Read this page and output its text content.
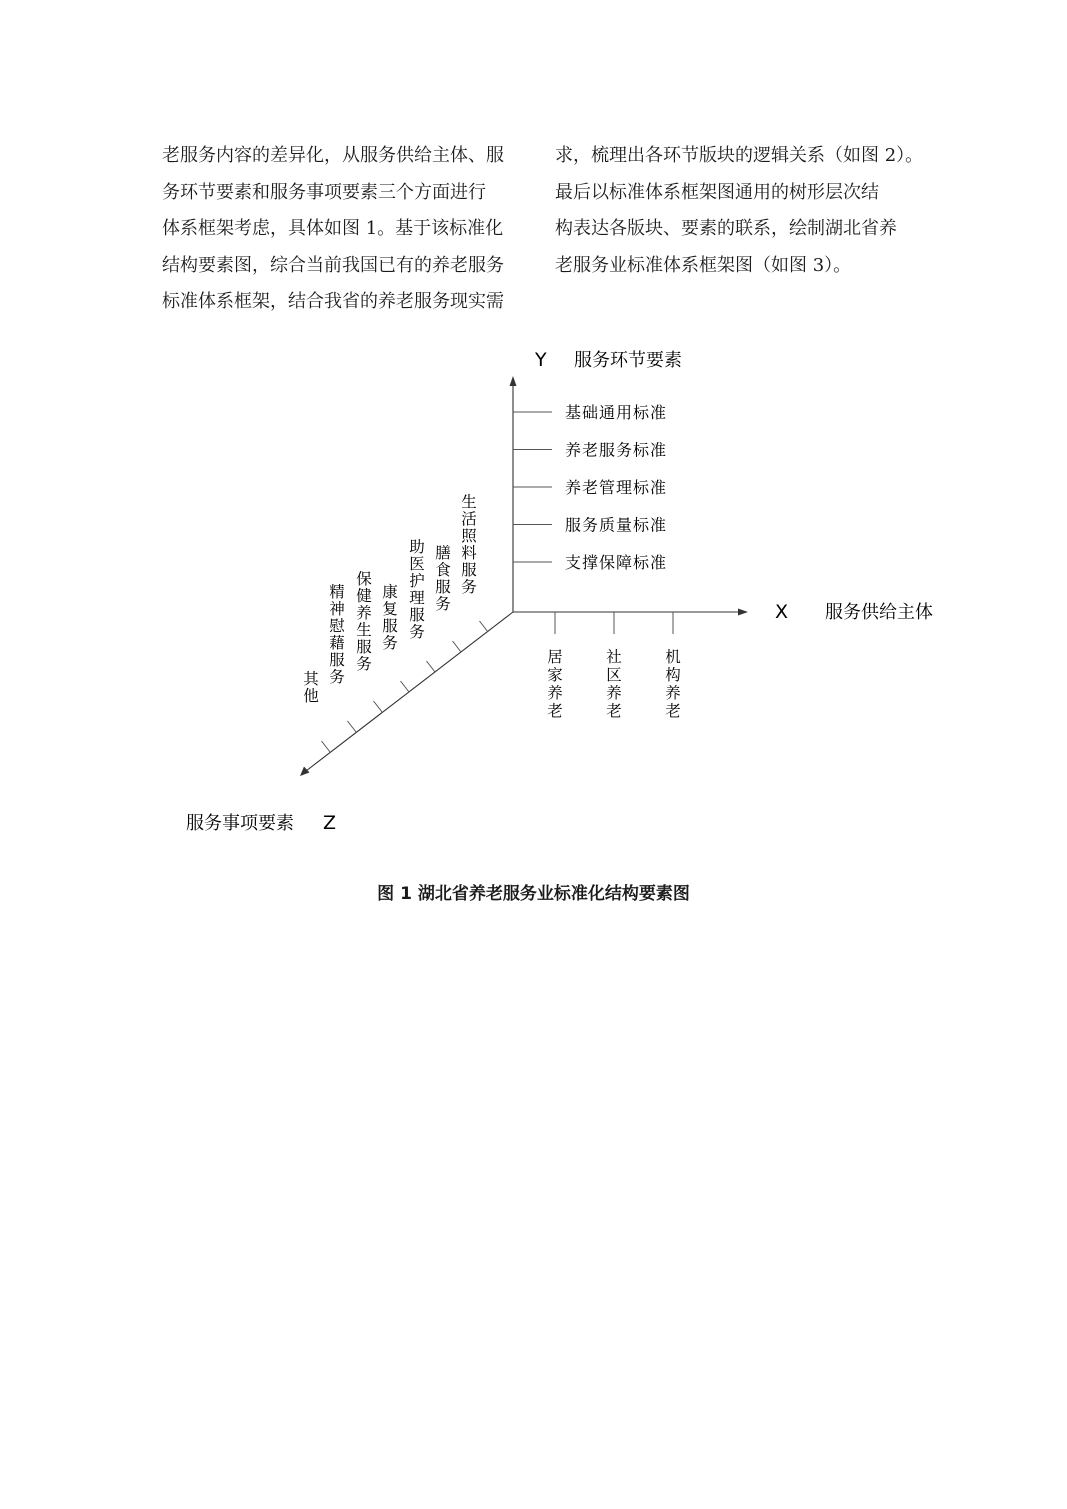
老服务内容的差异化，从服务供给主体、服
务环节要素和服务事项要素三个方面进行
体系框架考虑，具体如图 1。基于该标准化
结构要素图，综合当前我国已有的养老服务
标准体系框架，结合我省的养老服务现实需
求，梳理出各环节版块的逻辑关系（如图 2）。
最后以标准体系框架图通用的树形层次结
构表达各版块、要素的联系，绘制湖北省养
老服务业标准体系框架图（如图 3）。
Y 服务环节要素
X 服务供给主体
服务事项要素 Z
基础通用标准
养老服务标准
养老管理标准
服务质量标准
支撑保障标准
居家养老
社区养老
机构养老
生活照料服务
膳食服务
助医护理服务
康复服务
保健养生服务
精神慰藉服务
其他
图 1 湖北省养老服务业标准化结构要素图
